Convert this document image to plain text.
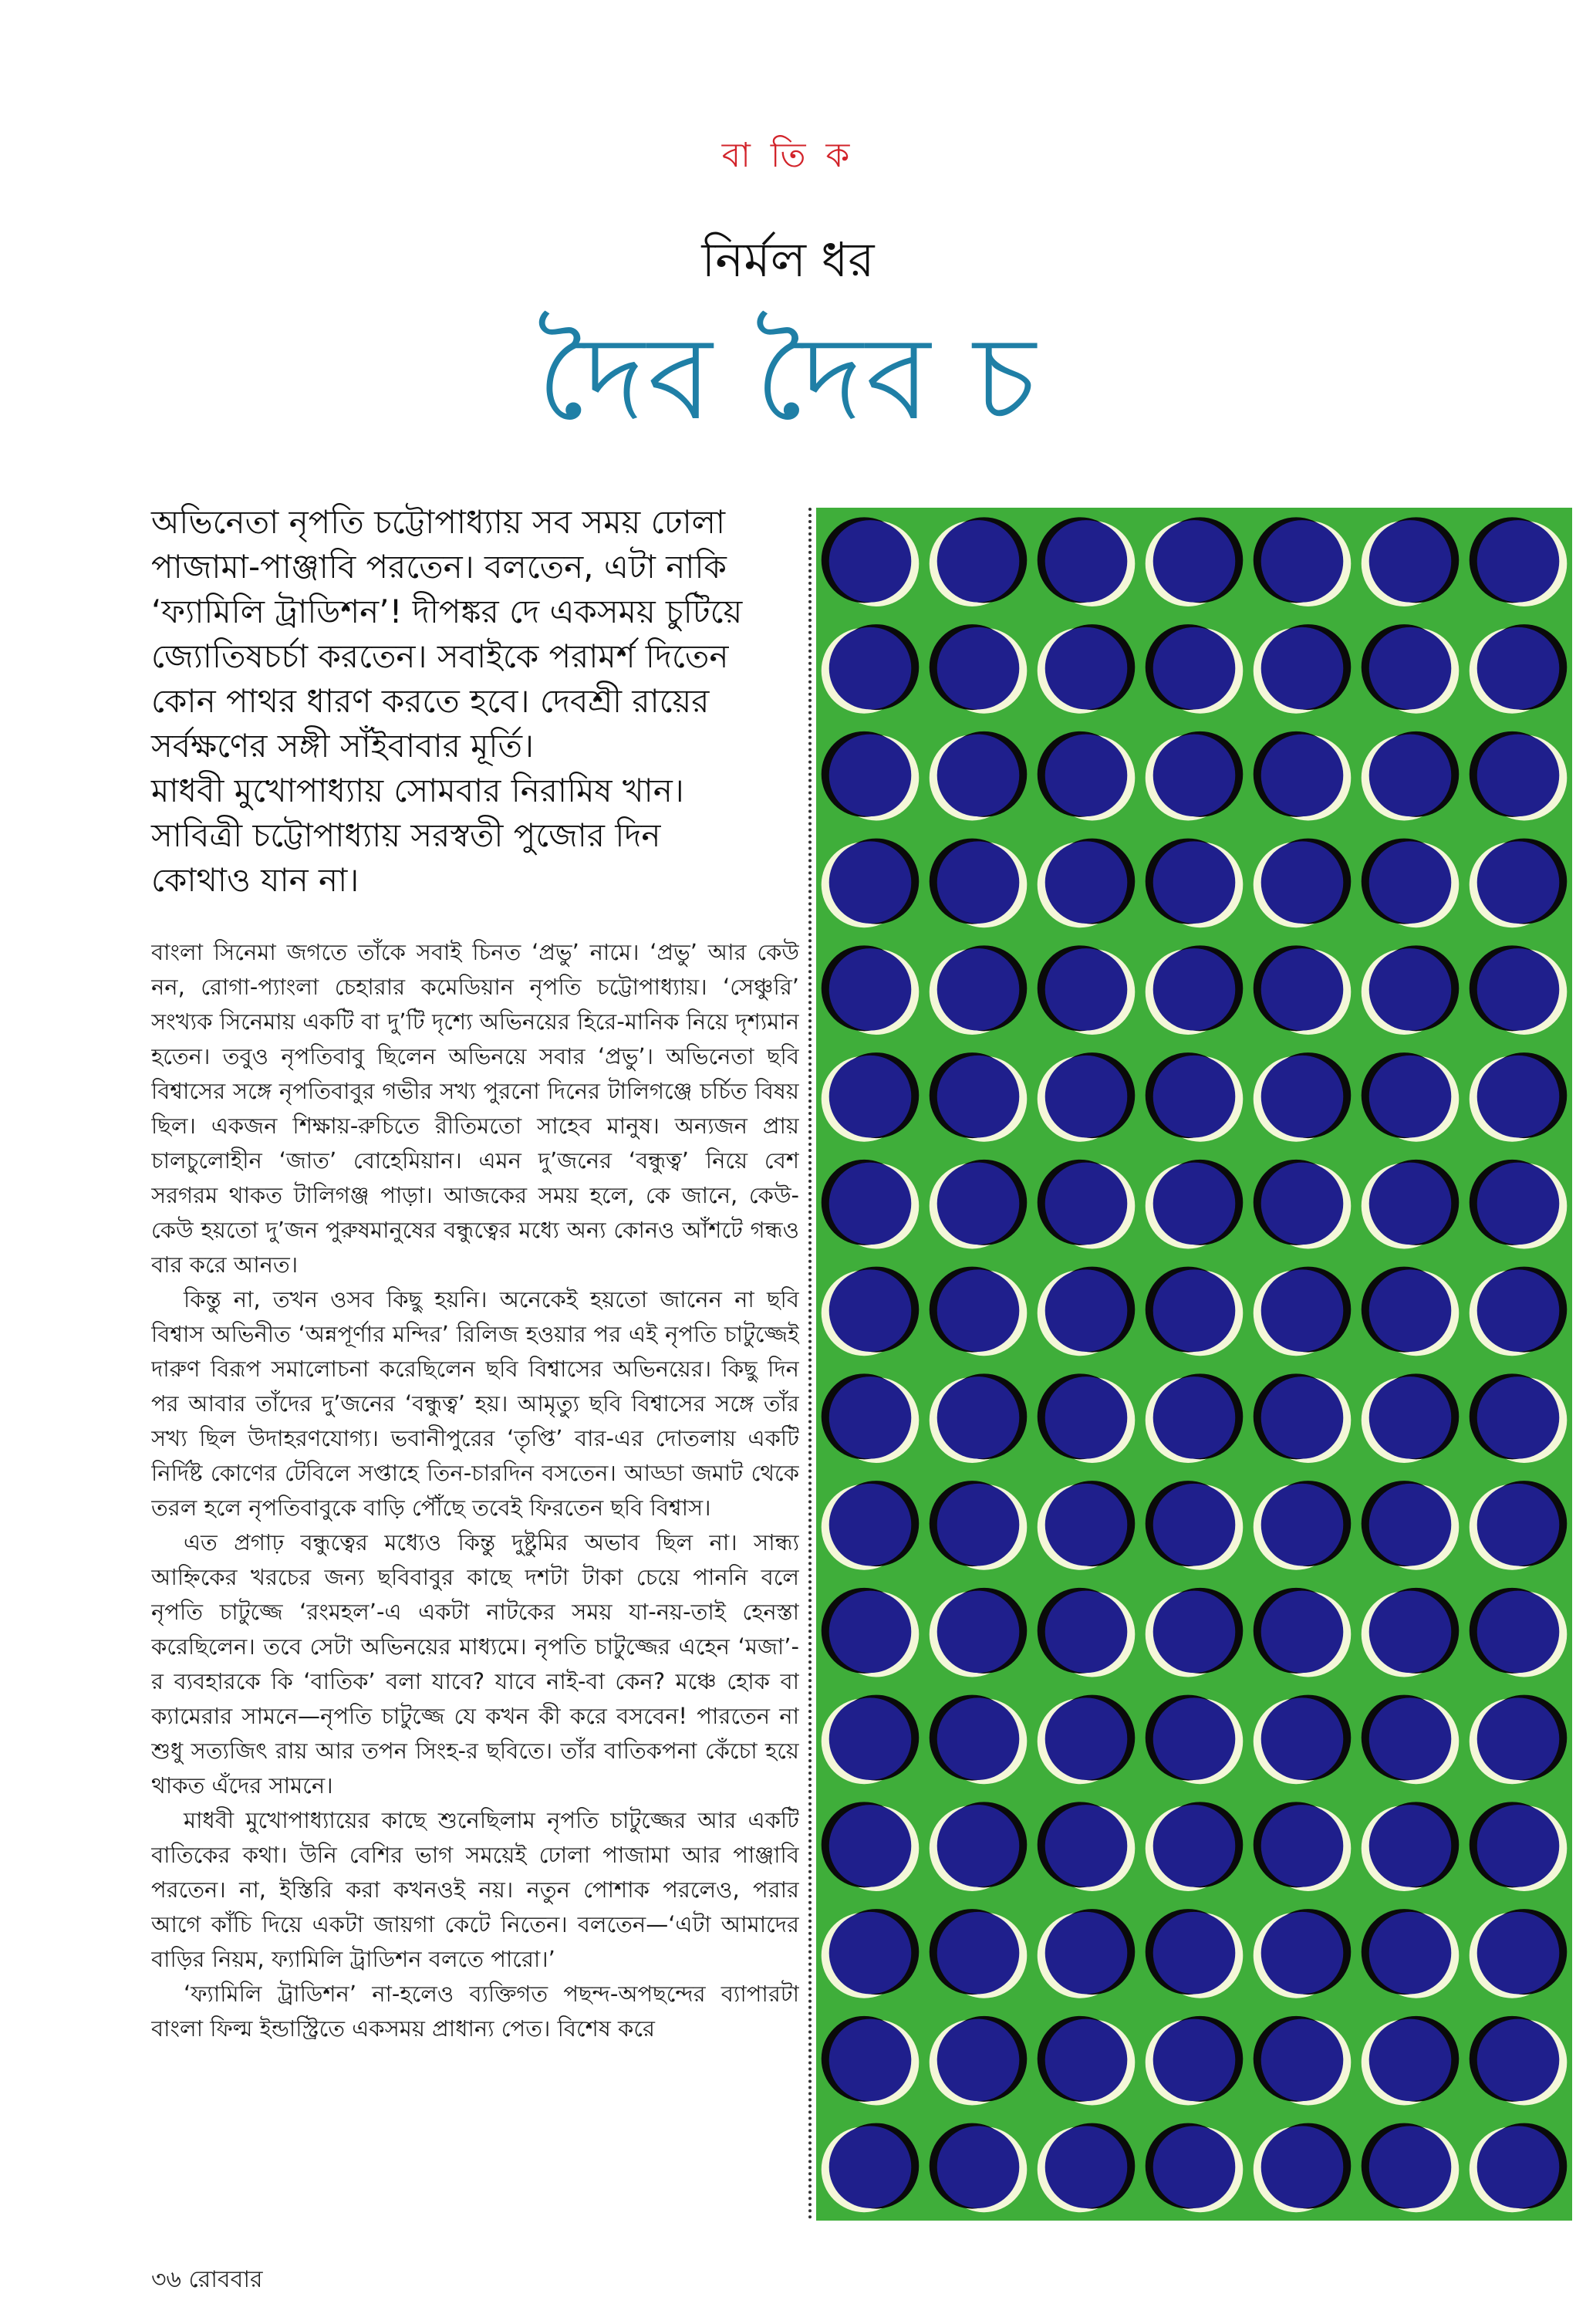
বা তি ক
নির্মল ধর
দৈব দৈব চ

অভিনেতা নৃপতি চট্টোপাধ্যায় সব সময় ঢোলা

পাজামা-পাঞ্জাবি পরতেন। বলতেন, এটা নাকি

‘ফ্যামিলি ট্রাডিশন’! দীপঙ্কর দে একসময় চুটিয়ে

জ্যোতিষচর্চা করতেন। সবাইকে পরামর্শ দিতেন

কোন পাথর ধারণ করতে হবে। দেবশ্রী রায়ের

সর্বক্ষণের সঙ্গী সাঁইবাবার মূর্তি।

মাধবী মুখোপাধ্যায় সোমবার নিরামিষ খান।

সাবিত্রী চট্টোপাধ্যায় সরস্বতী পুজোর দিন

কোথাও যান না।

বাংলা সিনেমা জগতে তাঁকে সবাই চিনত ‘প্রভু’ নামে। ‘প্রভু’ আর কেউ নন, রোগা-প্যাংলা চেহারার কমেডিয়ান নৃপতি চট্টোপাধ্যায়। ‘সেঞ্চুরি’ সংখ্যক সিনেমায় একটি বা দু’টি দৃশ্যে অভিনয়ের হিরে-মানিক নিয়ে দৃশ্যমান হতেন। তবুও নৃপতিবাবু ছিলেন অভিনয়ে সবার ‘প্রভু’। অভিনেতা ছবি বিশ্বাসের সঙ্গে নৃপতিবাবুর গভীর সখ্য পুরনো দিনের টালিগঞ্জে চর্চিত বিষয় ছিল। একজন শিক্ষায়-রুচিতে রীতিমতো সাহেব মানুষ। অন্যজন প্রায় চালচুলোহীন ‘জাত’ বোহেমিয়ান। এমন দু’জনের ‘বন্ধুত্ব’ নিয়ে বেশ সরগরম থাকত টালিগঞ্জ পাড়া। আজকের সময় হলে, কে জানে, কেউ-কেউ হয়তো দু’জন পুরুষমানুষের বন্ধুত্বের মধ্যে অন্য কোনও আঁশটে গন্ধও বার করে আনত।

কিন্তু না, তখন ওসব কিছু হয়নি। অনেকেই হয়তো জানেন না ছবি বিশ্বাস অভিনীত ‘অন্নপূর্ণার মন্দির’ রিলিজ হওয়ার পর এই নৃপতি চাটুজ্জেই দারুণ বিরূপ সমালোচনা করেছিলেন ছবি বিশ্বাসের অভিনয়ের। কিছু দিন পর আবার তাঁদের দু’জনের ‘বন্ধুত্ব’ হয়। আমৃত্যু ছবি বিশ্বাসের সঙ্গে তাঁর সখ্য ছিল উদাহরণযোগ্য। ভবানীপুরের ‘তৃপ্তি’ বার-এর দোতলায় একটি নির্দিষ্ট কোণের টেবিলে সপ্তাহে তিন-চারদিন বসতেন। আড্ডা জমাট থেকে তরল হলে নৃপতিবাবুকে বাড়ি পৌঁছে তবেই ফিরতেন ছবি বিশ্বাস।

এত প্রগাঢ় বন্ধুত্বের মধ্যেও কিন্তু দুষ্টুমির অভাব ছিল না। সান্ধ্য আহ্নিকের খরচের জন্য ছবিবাবুর কাছে দশটা টাকা চেয়ে পাননি বলে নৃপতি চাটুজ্জে ‘রংমহল’-এ একটা নাটকের সময় যা-নয়-তাই হেনস্তা করেছিলেন। তবে সেটা অভিনয়ের মাধ্যমে। নৃপতি চাটুজ্জের এহেন ‘মজা’-র ব্যবহারকে কি ‘বাতিক’ বলা যাবে? যাবে নাই-বা কেন? মঞ্চে হোক বা ক্যামেরার সামনে—নৃপতি চাটুজ্জে যে কখন কী করে বসবেন! পারতেন না শুধু সত্যজিৎ রায় আর তপন সিংহ-র ছবিতে। তাঁর বাতিকপনা কেঁচো হয়ে থাকত এঁদের সামনে।

মাধবী মুখোপাধ্যায়ের কাছে শুনেছিলাম নৃপতি চাটুজ্জের আর একটি বাতিকের কথা। উনি বেশির ভাগ সময়েই ঢোলা পাজামা আর পাঞ্জাবি পরতেন। না, ইস্তিরি করা কখনওই নয়। নতুন পোশাক পরলেও, পরার আগে কাঁচি দিয়ে একটা জায়গা কেটে নিতেন। বলতেন—‘এটা আমাদের বাড়ির নিয়ম, ফ্যামিলি ট্রাডিশন বলতে পারো।’

‘ফ্যামিলি ট্রাডিশন’ না-হলেও ব্যক্তিগত পছন্দ-অপছন্দের ব্যাপারটা বাংলা ফিল্ম ইন্ডাস্ট্রিতে একসময় প্রাধান্য পেত। বিশেষ করে

৩৬ রোববার
